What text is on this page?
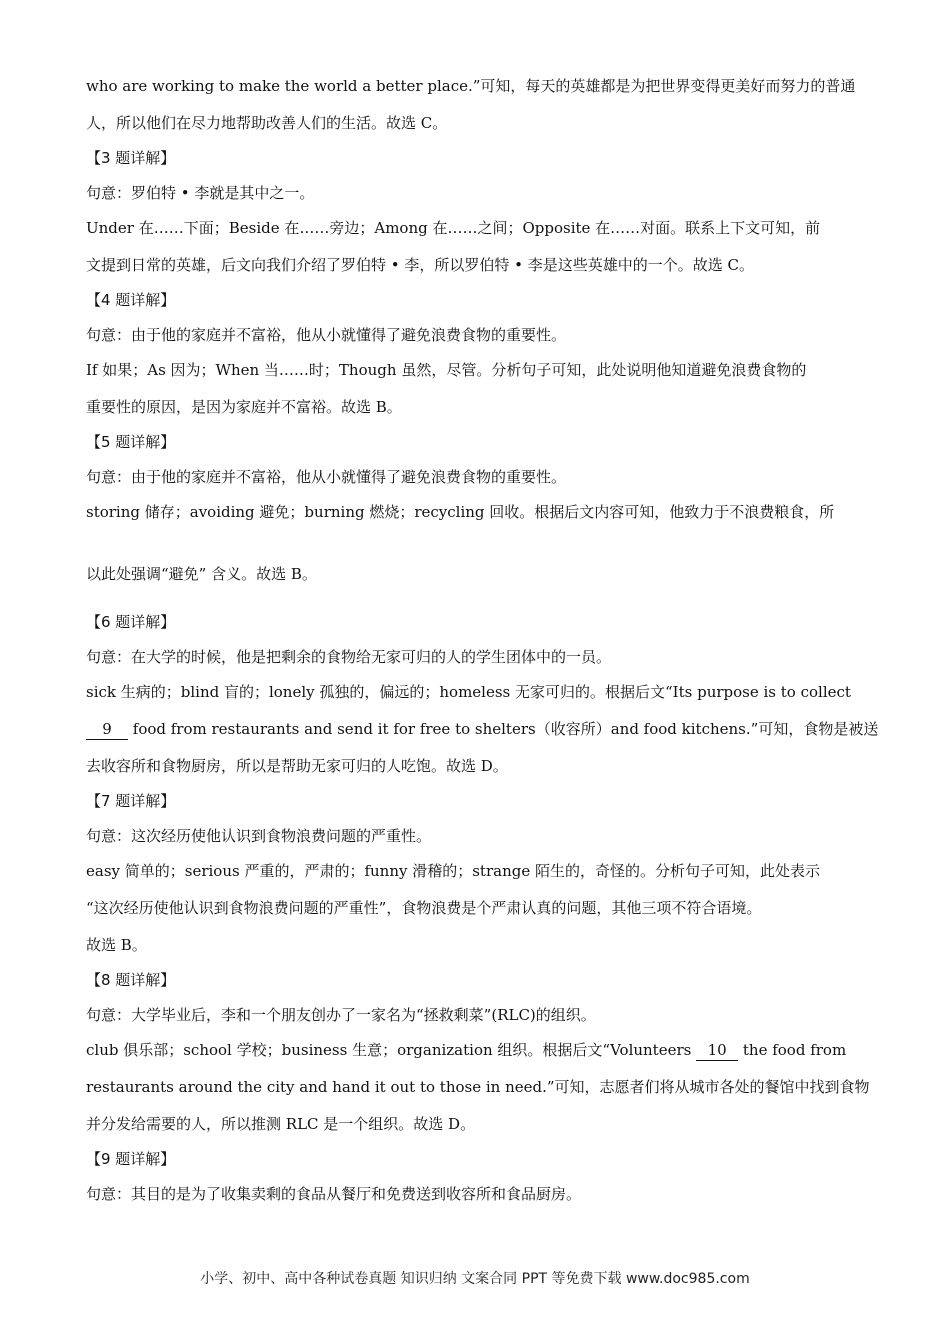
who are working to make the world a better place.”可知，每天的英雄都是为把世界变得更美好而努力的普通

人，所以他们在尽力地帮助改善人们的生活。故选 C。

【3 题详解】

句意：罗伯特 • 李就是其中之一。

Under 在……下面；Beside 在……旁边；Among 在……之间；Opposite 在……对面。联系上下文可知，前

文提到日常的英雄，后文向我们介绍了罗伯特 • 李，所以罗伯特 • 李是这些英雄中的一个。故选 C。

【4 题详解】

句意：由于他的家庭并不富裕，他从小就懂得了避免浪费食物的重要性。

If 如果；As 因为；When 当……时；Though 虽然，尽管。分析句子可知，此处说明他知道避免浪费食物的

重要性的原因，是因为家庭并不富裕。故选 B。

【5 题详解】

句意：由于他的家庭并不富裕，他从小就懂得了避免浪费食物的重要性。

storing 储存；avoiding 避免；burning 燃烧；recycling 回收。根据后文内容可知，他致力于不浪费粮食，所

以此处强调“避免” 含义。故选 B。

【6 题详解】

句意：在大学的时候，他是把剩余的食物给无家可归的人的学生团体中的一员。

sick 生病的；blind 盲的；lonely 孤独的，偏远的；homeless 无家可归的。根据后文“Its purpose is to collect

9 food from restaurants and send it for free to shelters（收容所）and food kitchens.”可知，食物是被送

去收容所和食物厨房，所以是帮助无家可归的人吃饱。故选 D。

【7 题详解】

句意：这次经历使他认识到食物浪费问题的严重性。

easy 简单的；serious 严重的，严肃的；funny 滑稽的；strange 陌生的，奇怪的。分析句子可知，此处表示

“这次经历使他认识到食物浪费问题的严重性”，食物浪费是个严肃认真的问题，其他三项不符合语境。

故选 B。

【8 题详解】

句意：大学毕业后，李和一个朋友创办了一家名为“拯救剩菜”(RLC)的组织。

club 俱乐部；school 学校；business 生意；organization 组织。根据后文“Volunteers 10 the food from

restaurants around the city and hand it out to those in need.”可知，志愿者们将从城市各处的餐馆中找到食物

并分发给需要的人，所以推测 RLC 是一个组织。故选 D。

【9 题详解】

句意：其目的是为了收集卖剩的食品从餐厅和免费送到收容所和食品厨房。

小学、初中、高中各种试卷真题 知识归纳 文案合同 PPT 等免费下载 www.doc985.com
